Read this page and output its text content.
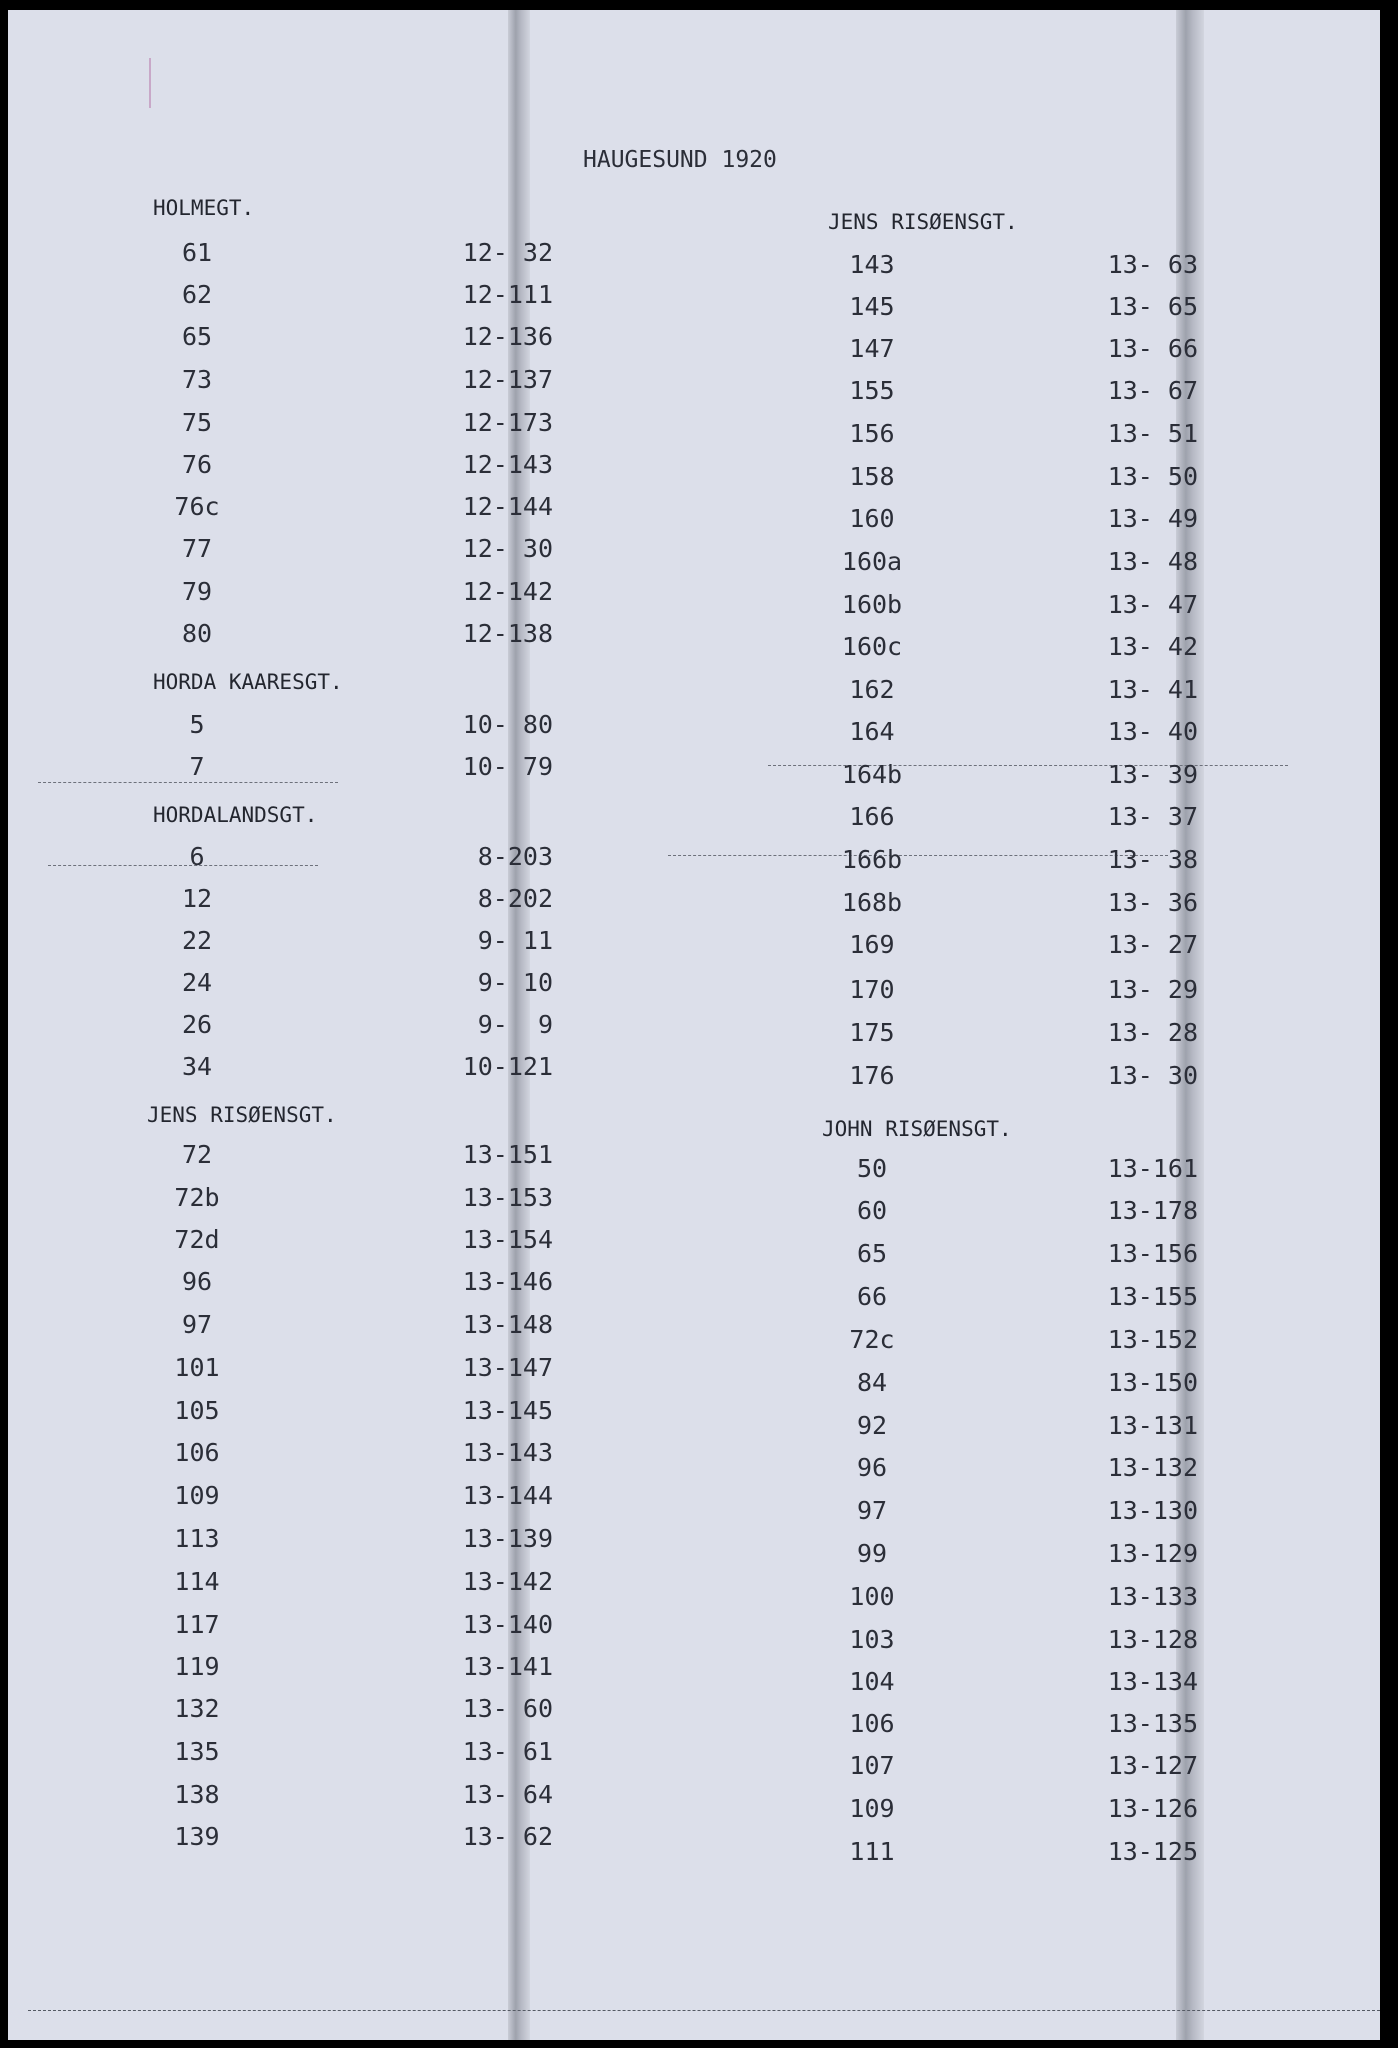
HAUGESUND 1920
HOLMEGT.
61	12- 32
62	12-111
65	12-136
73	12-137
75	12-173
76	12-143
76c	12-144
77	12- 30
79	12-142
80	12-138
HORDA KAARESGT.
5	10- 80
7	10- 79
HORDALANDSGT.
6	8-203
12	8-202
22	9- 11
24	9- 10
26	9-  9
34	10-121
JENS RISØENSGT.
72	13-151
72b	13-153
72d	13-154
96	13-146
97	13-148
101	13-147
105	13-145
106	13-143
109	13-144
113	13-139
114	13-142
117	13-140
119	13-141
132	13- 60
135	13- 61
138	13- 64
139	13- 62
JENS RISØENSGT.
143	13- 63
145	13- 65
147	13- 66
155	13- 67
156	13- 51
158	13- 50
160	13- 49
160a	13- 48
160b	13- 47
160c	13- 42
162	13- 41
164	13- 40
164b	13- 39
166	13- 37
166b	13- 38
168b	13- 36
169	13- 27
170	13- 29
175	13- 28
176	13- 30
JOHN RISØENSGT.
50	13-161
60	13-178
65	13-156
66	13-155
72c	13-152
84	13-150
92	13-131
96	13-132
97	13-130
99	13-129
100	13-133
103	13-128
104	13-134
106	13-135
107	13-127
109	13-126
111	13-125
